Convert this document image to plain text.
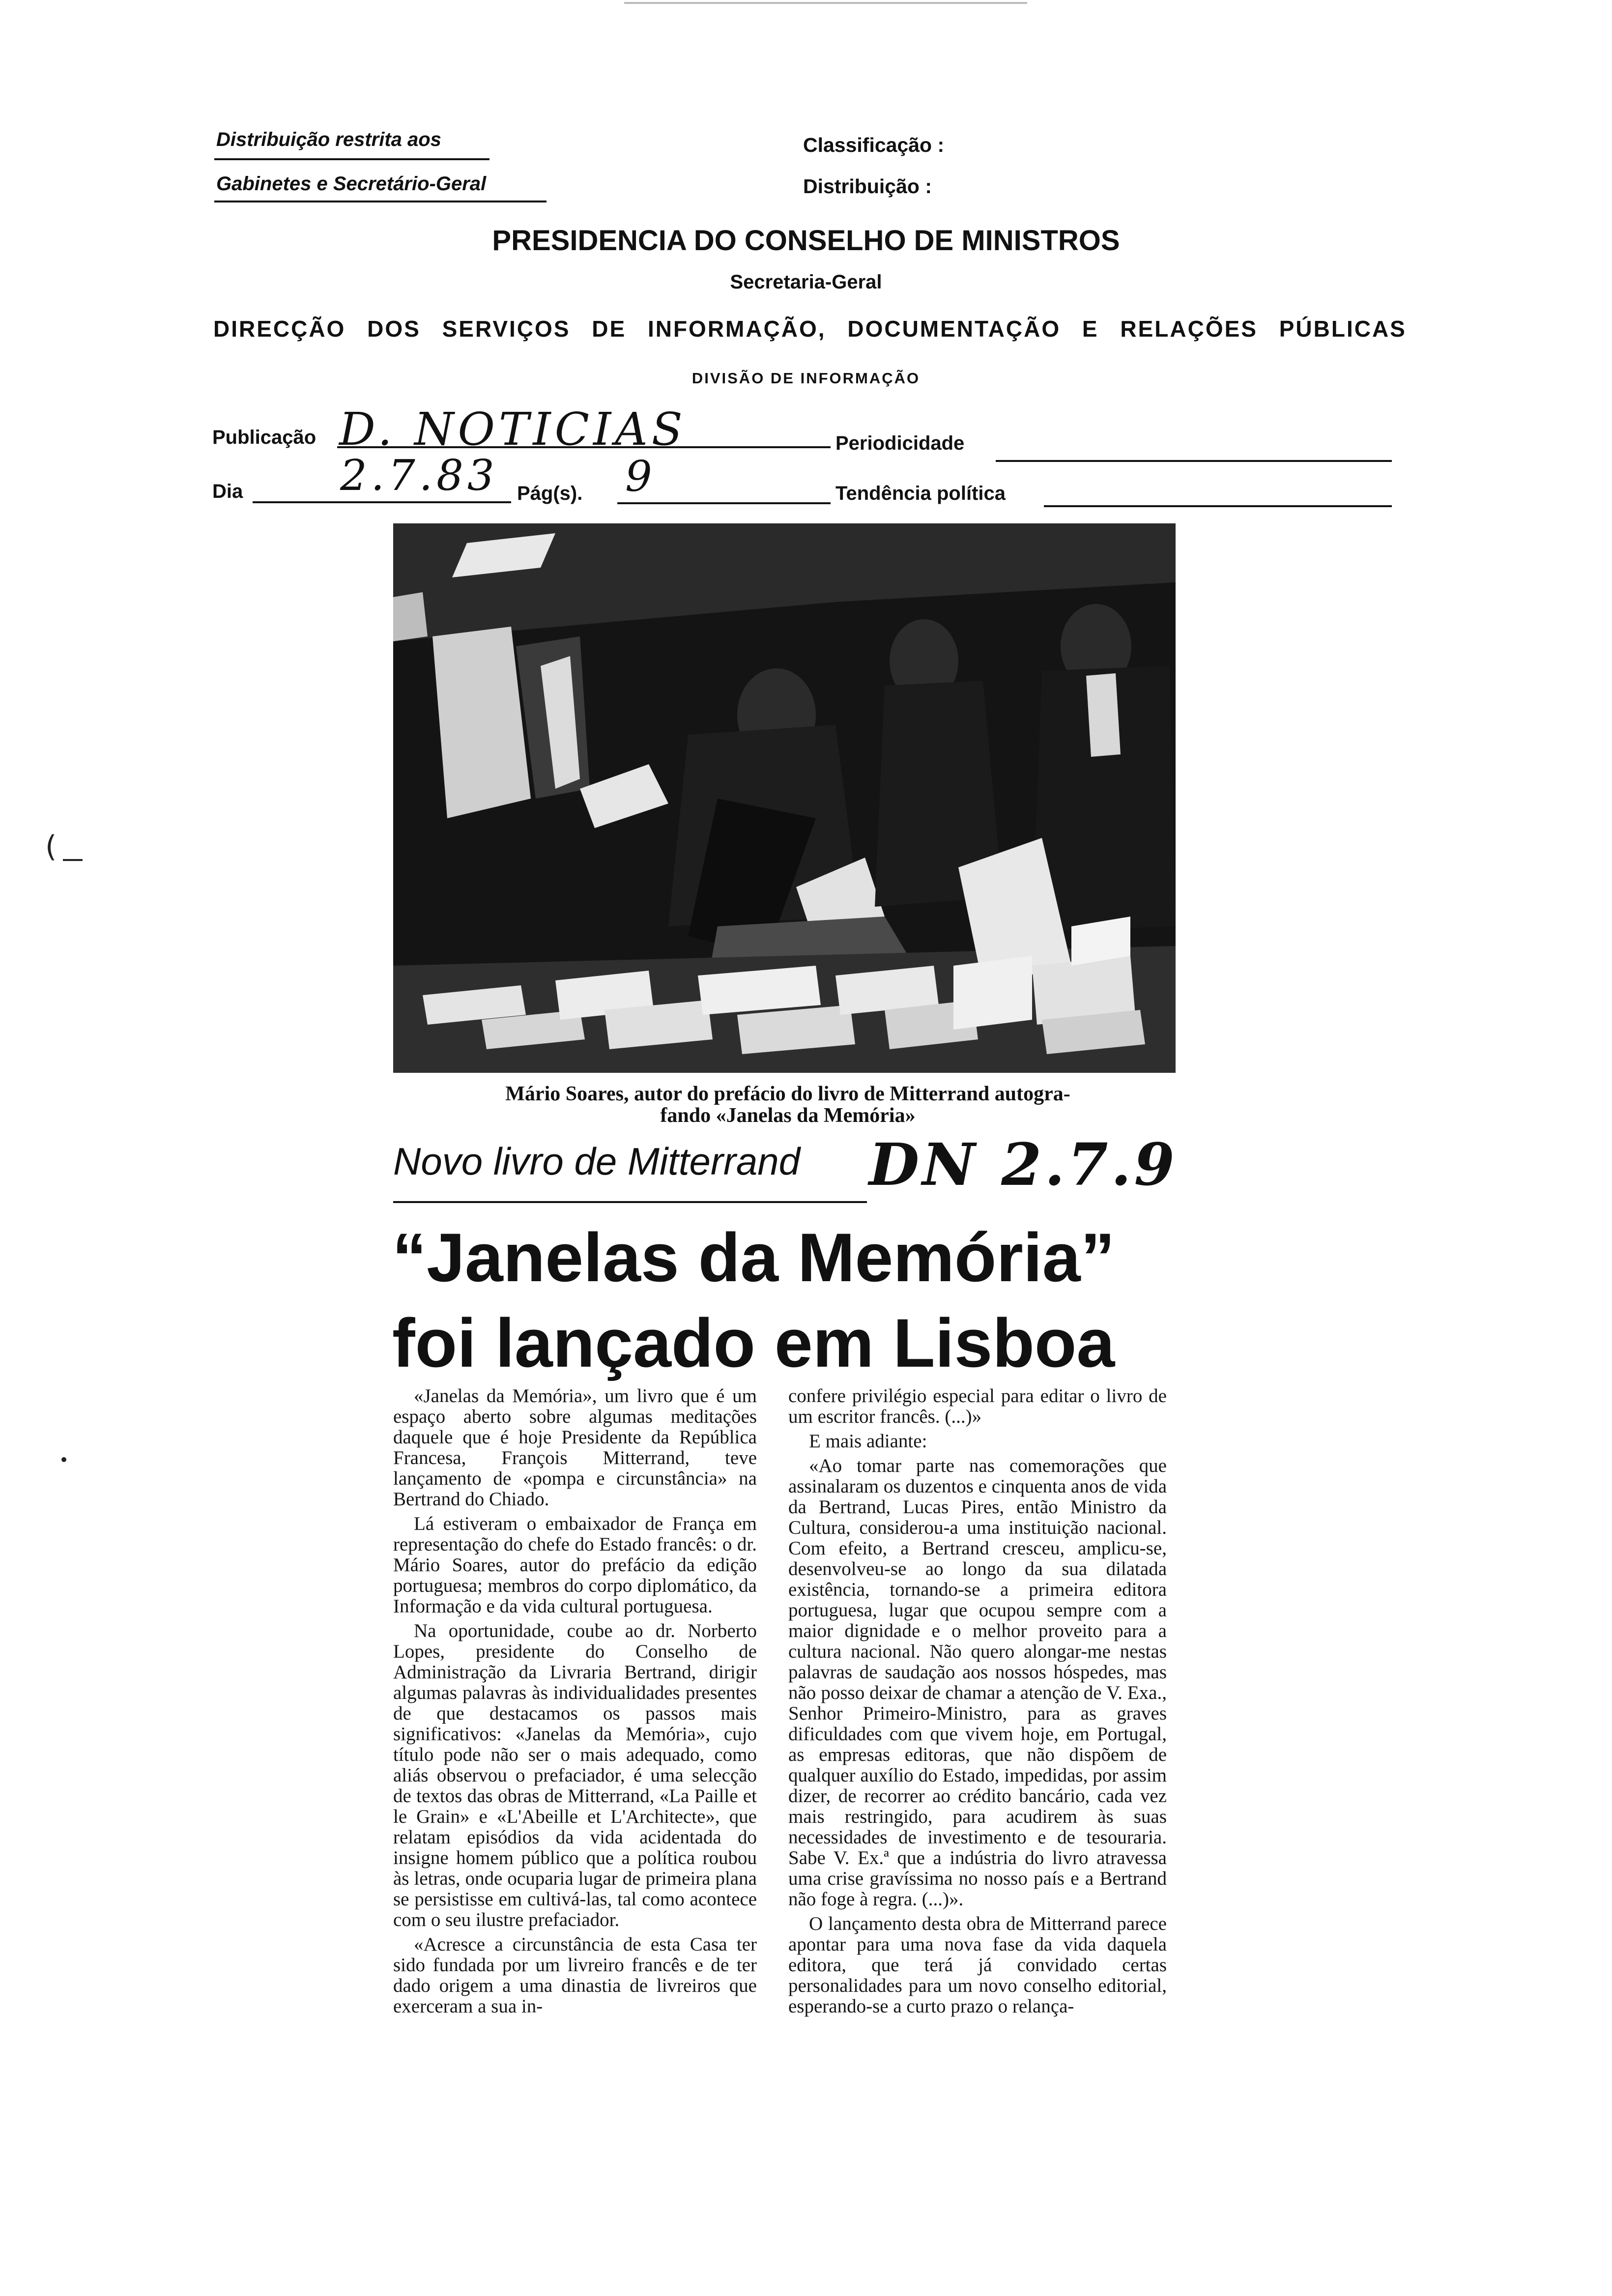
(
Distribuição restrita aos
Gabinetes e Secretário-Geral
Classificação :
Distribuição :
PRESIDENCIA DO CONSELHO DE MINISTROS
Secretaria-Geral
DIRECÇÃO DOS SERVIÇOS DE INFORMAÇÃO, DOCUMENTAÇÃO E RELAÇÕES PÚBLICAS
DIVISÃO DE INFORMAÇÃO
Publicação D. NOTICIAS	Periodicidade
Dia 2.7.83 Pág(s). 9	Tendência política
Mário Soares, autor do prefácio do livro de Mitterrand autogra-
fando «Janelas da Memória»
Novo livro de Mitterrand DN 2.7.9
“Janelas da Memória”
foi lançado em Lisboa

«Janelas da Memória», um livro que é um espaço aberto sobre algumas meditações daquele que é hoje Presidente da República Francesa, François Mitterrand, teve lançamento de «pompa e circunstância» na Bertrand do Chiado.

Lá estiveram o embaixador de França em representação do chefe do Estado francês: o dr. Mário Soares, autor do prefácio da edição portuguesa; membros do corpo diplomático, da Informação e da vida cultural portuguesa.

Na oportunidade, coube ao dr. Norberto Lopes, presidente do Conselho de Administração da Livraria Bertrand, dirigir algumas palavras às individualidades presentes de que destacamos os passos mais significativos: «Janelas da Memória», cujo título pode não ser o mais adequado, como aliás observou o prefaciador, é uma selecção de textos das obras de Mitterrand, «La Paille et le Grain» e «L'Abeille et L'Architecte», que relatam episódios da vida acidentada do insigne homem público que a política roubou às letras, onde ocuparia lugar de primeira plana se persistisse em cultivá-las, tal como acontece com o seu ilustre prefaciador.

«Acresce a circunstância de esta Casa ter sido fundada por um livreiro francês e de ter dado origem a uma dinastia de livreiros que exerceram a sua in-

confere privilégio especial para editar o livro de um escritor francês. (...)»

E mais adiante:

«Ao tomar parte nas comemorações que assinalaram os duzentos e cinquenta anos de vida da Bertrand, Lucas Pires, então Ministro da Cultura, considerou-a uma instituição nacional. Com efeito, a Bertrand cresceu, amplicu-se, desenvolveu-se ao longo da sua dilatada existência, tornando-se a primeira editora portuguesa, lugar que ocupou sempre com a maior dignidade e o melhor proveito para a cultura nacional. Não quero alongar-me nestas palavras de saudação aos nossos hóspedes, mas não posso deixar de chamar a atenção de V. Exa., Senhor Primeiro-Ministro, para as graves dificuldades com que vivem hoje, em Portugal, as empresas editoras, que não dispõem de qualquer auxílio do Estado, impedidas, por assim dizer, de recorrer ao crédito bancário, cada vez mais restringido, para acudirem às suas necessidades de investimento e de tesouraria. Sabe V. Ex.ª que a indústria do livro atravessa uma crise gravíssima no nosso país e a Bertrand não foge à regra. (...)».

O lançamento desta obra de Mitterrand parece apontar para uma nova fase da vida daquela editora, que terá já convidado certas personalidades para um novo conselho editorial, esperando-se a curto prazo o relança-
